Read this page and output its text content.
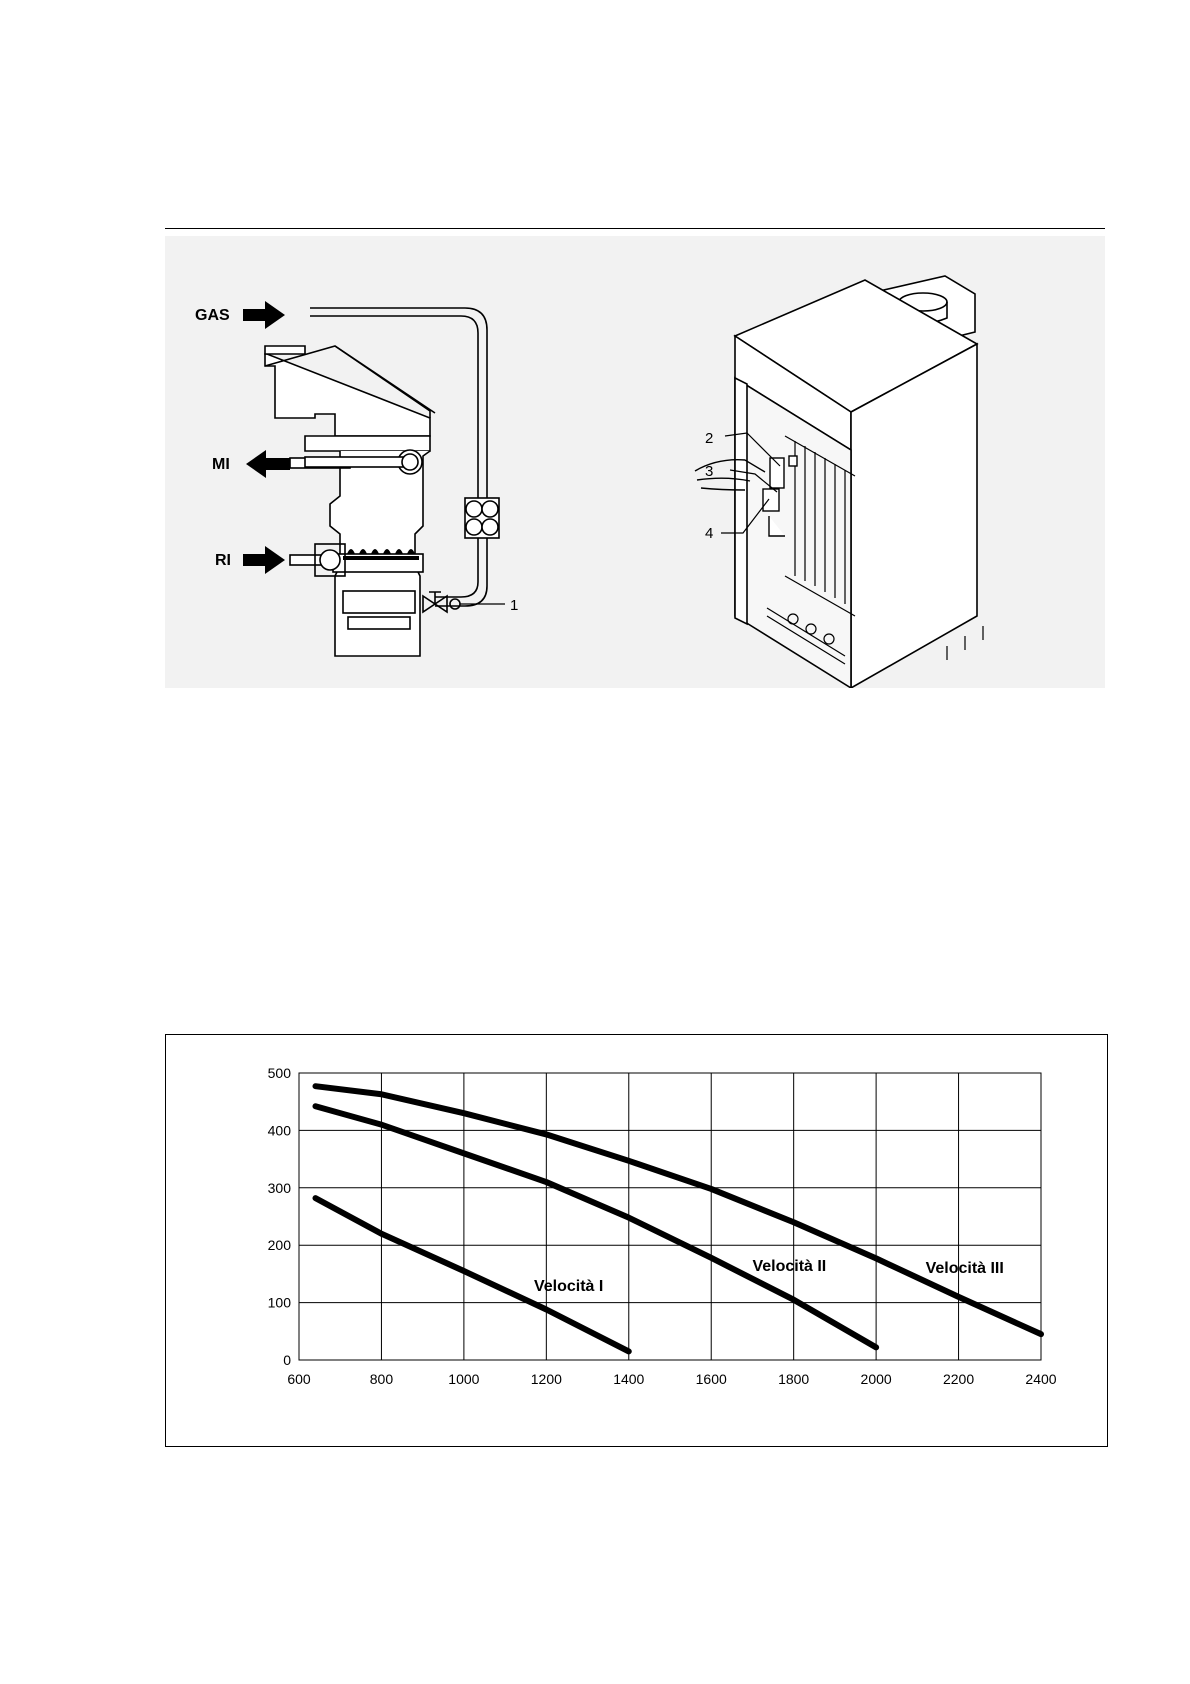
GAS
MI
RI
1
2
3
4
500
400
300
200
100
0
600	800	1000	1200	1400	1600	1800	2000	2200	2400
Velocità I
Velocità II	Velocità III
